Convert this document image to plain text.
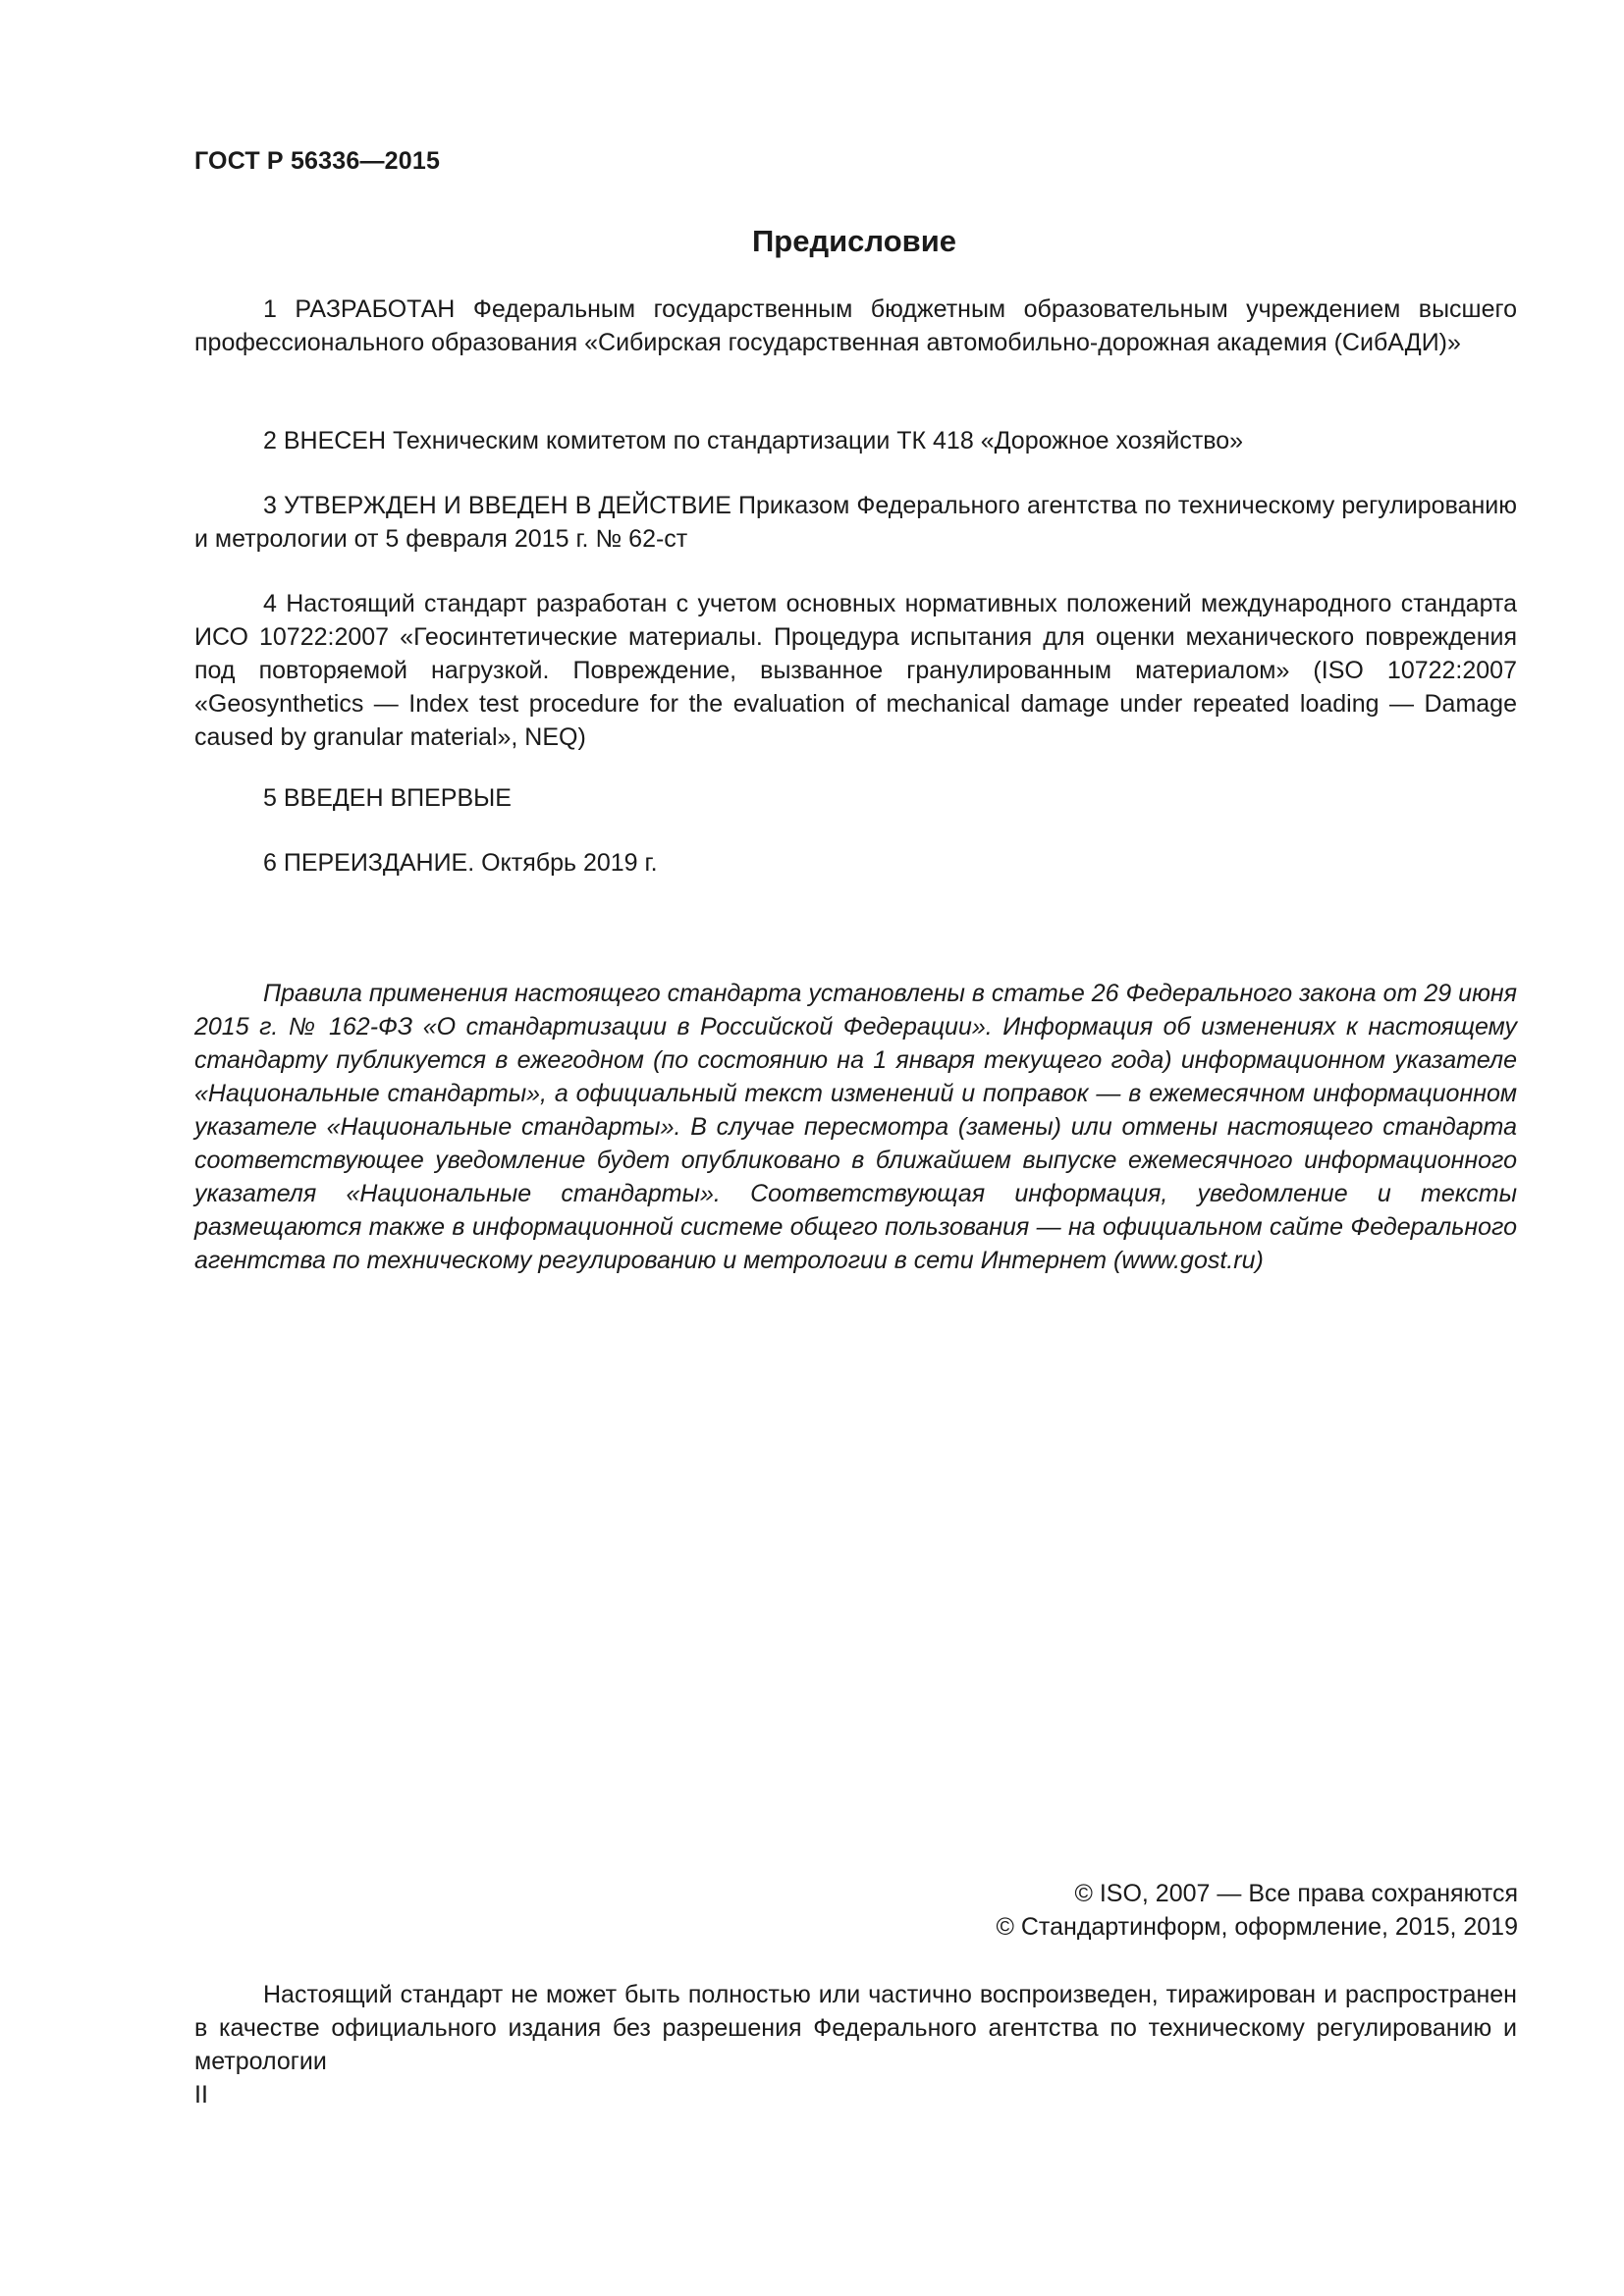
ГОСТ Р 56336—2015
Предисловие

1 РАЗРАБОТАН Федеральным государственным бюджетным образовательным учреждением высшего профессионального образования «Сибирская государственная автомобильно-дорожная академия (СибАДИ)»

2 ВНЕСЕН Техническим комитетом по стандартизации ТК 418 «Дорожное хозяйство»

3 УТВЕРЖДЕН И ВВЕДЕН В ДЕЙСТВИЕ Приказом Федерального агентства по техническому регулированию и метрологии от 5 февраля 2015 г. № 62-ст

4 Настоящий стандарт разработан с учетом основных нормативных положений международного стандарта ИСО 10722:2007 «Геосинтетические материалы. Процедура испытания для оценки механического повреждения под повторяемой нагрузкой. Повреждение, вызванное гранулированным материалом» (ISO 10722:2007 «Geosynthetics — Index test procedure for the evaluation of mechanical damage under repeated loading — Damage caused by granular material», NEQ)

5 ВВЕДЕН ВПЕРВЫЕ

6 ПЕРЕИЗДАНИЕ. Октябрь 2019 г.

Правила применения настоящего стандарта установлены в статье 26 Федерального закона от 29 июня 2015 г. № 162-ФЗ «О стандартизации в Российской Федерации». Информация об изменениях к настоящему стандарту публикуется в ежегодном (по состоянию на 1 января текущего года) информационном указателе «Национальные стандарты», а официальный текст изменений и поправок — в ежемесячном информационном указателе «Национальные стандарты». В случае пересмотра (замены) или отмены настоящего стандарта соответствующее уведомление будет опубликовано в ближайшем выпуске ежемесячного информационного указателя «Национальные стандарты». Соответствующая информация, уведомление и тексты размещаются также в информационной системе общего пользования — на официальном сайте Федерального агентства по техническому регулированию и метрологии в сети Интернет (www.gost.ru)
© ISO, 2007 — Все права сохраняются
© Стандартинформ, оформление, 2015, 2019
Настоящий стандарт не может быть полностью или частично воспроизведен, тиражирован и распространен в качестве официального издания без разрешения Федерального агентства по техническому регулированию и метрологии
II
